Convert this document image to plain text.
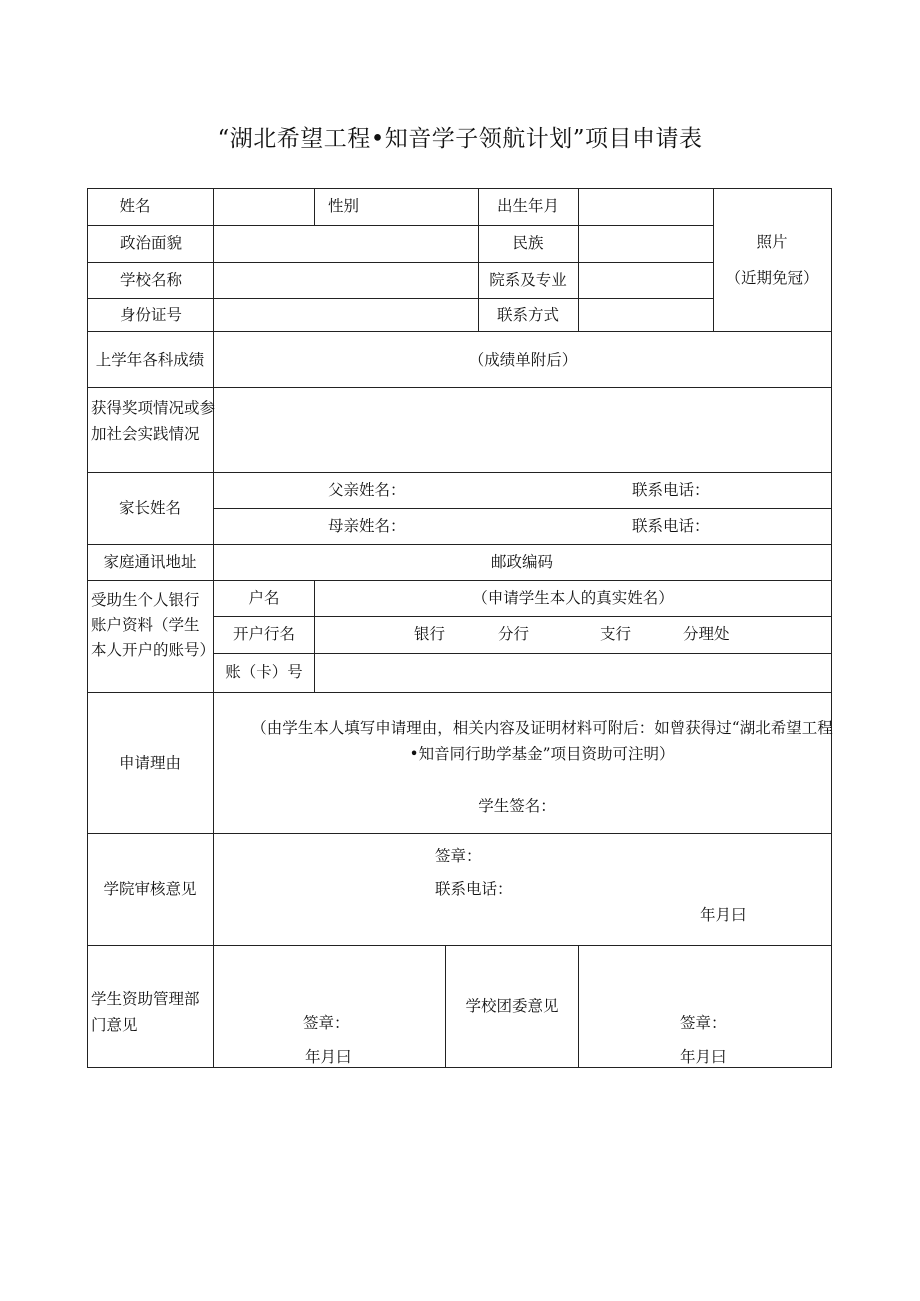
“湖北希望工程•知音学子领航计划”项目申请表
姓名	性别	出生年月
照片
（近期免冠）
政治面貌	民族
学校名称	院系及专业
身份证号	联系方式
上学年各科成绩	（成绩单附后）
获得奖项情况或参加社会实践情况
家长姓名
父亲姓名：	联系电话：
母亲姓名：	联系电话：
家庭通讯地址	邮政编码
受助生个人银行账户资料（学生本人开户的账号）
户名	（申请学生本人的真实姓名）
开户行名	银行	分行	支行	分理处
账（卡）号
申请理由
（由学生本人填写申请理由，相关内容及证明材料可附后：如曾获得过“湖北希望工程•知音同行助学基金”项目资助可注明）
学生签名：
学院审核意见
签章：
联系电话：
年月曰
学生资助管理部门意见	签章：
年月曰
学校团委意见
签章：
年月曰
